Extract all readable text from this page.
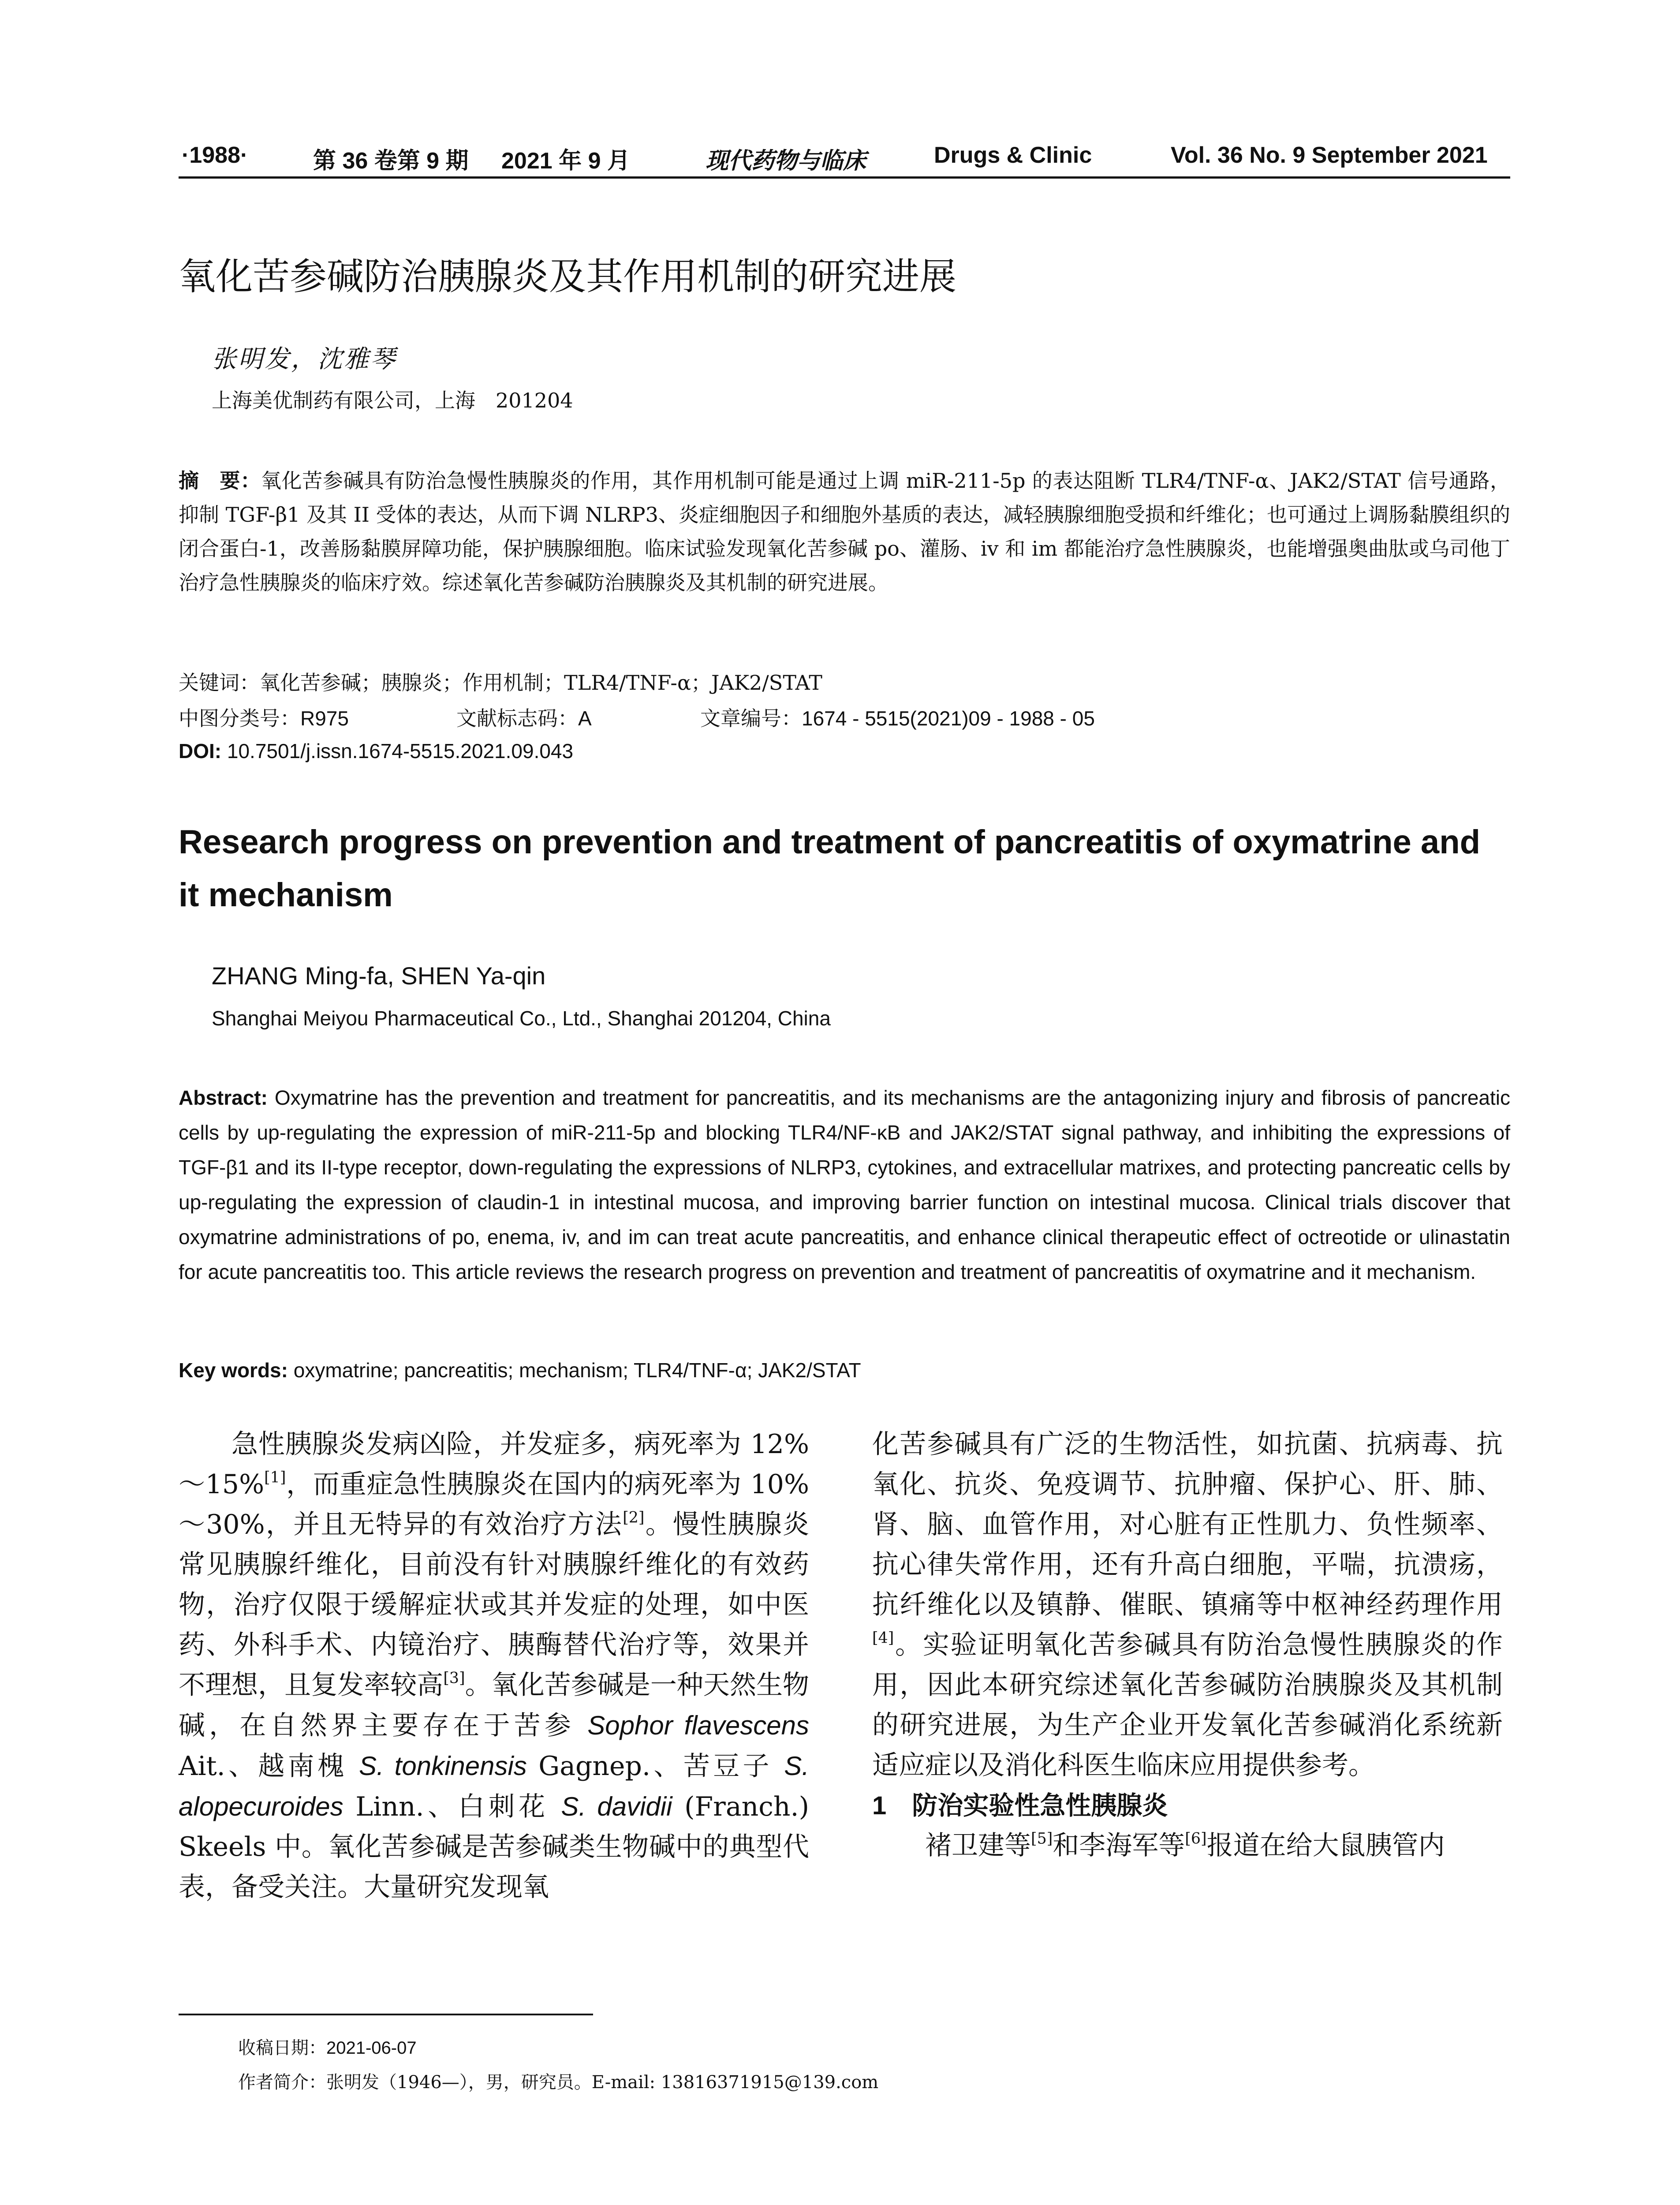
·1988·	第 36 卷第 9 期 2021 年 9 月	现代药物与临床	Drugs & Clinic	Vol. 36 No. 9 September 2021
氧化苦参碱防治胰腺炎及其作用机制的研究进展
张明发，沈雅琴
上海美优制药有限公司，上海　201204

摘　要：氧化苦参碱具有防治急慢性胰腺炎的作用，其作用机制可能是通过上调 miR-211-5p 的表达阻断 TLR4/TNF-α、JAK2/STAT 信号通路，抑制 TGF-β1 及其 II 受体的表达，从而下调 NLRP3、炎症细胞因子和细胞外基质的表达，减轻胰腺细胞受损和纤维化；也可通过上调肠黏膜组织的闭合蛋白-1，改善肠黏膜屏障功能，保护胰腺细胞。临床试验发现氧化苦参碱 po、灌肠、iv 和 im 都能治疗急性胰腺炎，也能增强奥曲肽或乌司他丁治疗急性胰腺炎的临床疗效。综述氧化苦参碱防治胰腺炎及其机制的研究进展。

关键词：氧化苦参碱；胰腺炎；作用机制；TLR4/TNF-α；JAK2/STAT
中图分类号：R975	文献标志码：A	文章编号：1674 - 5515(2021)09 - 1988 - 05
DOI: 10.7501/j.issn.1674-5515.2021.09.043
Research progress on prevention and treatment of pancreatitis of oxymatrine and it mechanism
ZHANG Ming-fa, SHEN Ya-qin
Shanghai Meiyou Pharmaceutical Co., Ltd., Shanghai 201204, China

Abstract: Oxymatrine has the prevention and treatment for pancreatitis, and its mechanisms are the antagonizing injury and fibrosis of pancreatic cells by up-regulating the expression of miR-211-5p and blocking TLR4/NF-κB and JAK2/STAT signal pathway, and inhibiting the expressions of TGF-β1 and its II-type receptor, down-regulating the expressions of NLRP3, cytokines, and extracellular matrixes, and protecting pancreatic cells by up-regulating the expression of claudin-1 in intestinal mucosa, and improving barrier function on intestinal mucosa. Clinical trials discover that oxymatrine administrations of po, enema, iv, and im can treat acute pancreatitis, and enhance clinical therapeutic effect of octreotide or ulinastatin for acute pancreatitis too. This article reviews the research progress on prevention and treatment of pancreatitis of oxymatrine and it mechanism.

Key words: oxymatrine; pancreatitis; mechanism; TLR4/TNF-α; JAK2/STAT

急性胰腺炎发病凶险，并发症多，病死率为 12%～15%[1]，而重症急性胰腺炎在国内的病死率为 10%～30%，并且无特异的有效治疗方法[2]。慢性胰腺炎常见胰腺纤维化，目前没有针对胰腺纤维化的有效药物，治疗仅限于缓解症状或其并发症的处理，如中医药、外科手术、内镜治疗、胰酶替代治疗等，效果并不理想，且复发率较高[3]。氧化苦参碱是一种天然生物碱，在自然界主要存在于苦参 Sophor flavescens Ait.、越南槐 S. tonkinensis Gagnep.、苦豆子 S. alopecuroides Linn.、白刺花 S. davidii (Franch.) Skeels 中。氧化苦参碱是苦参碱类生物碱中的典型代表，备受关注。大量研究发现氧

化苦参碱具有广泛的生物活性，如抗菌、抗病毒、抗氧化、抗炎、免疫调节、抗肿瘤、保护心、肝、肺、肾、脑、血管作用，对心脏有正性肌力、负性频率、抗心律失常作用，还有升高白细胞，平喘，抗溃疡，抗纤维化以及镇静、催眠、镇痛等中枢神经药理作用[4]。实验证明氧化苦参碱具有防治急慢性胰腺炎的作用，因此本研究综述氧化苦参碱防治胰腺炎及其机制的研究进展，为生产企业开发氧化苦参碱消化系统新适应症以及消化科医生临床应用提供参考。

1　防治实验性急性胰腺炎

褚卫建等[5]和李海军等[6]报道在给大鼠胰管内

收稿日期：2021-06-07
作者简介：张明发（1946—），男，研究员。E-mail: 13816371915@139.com
